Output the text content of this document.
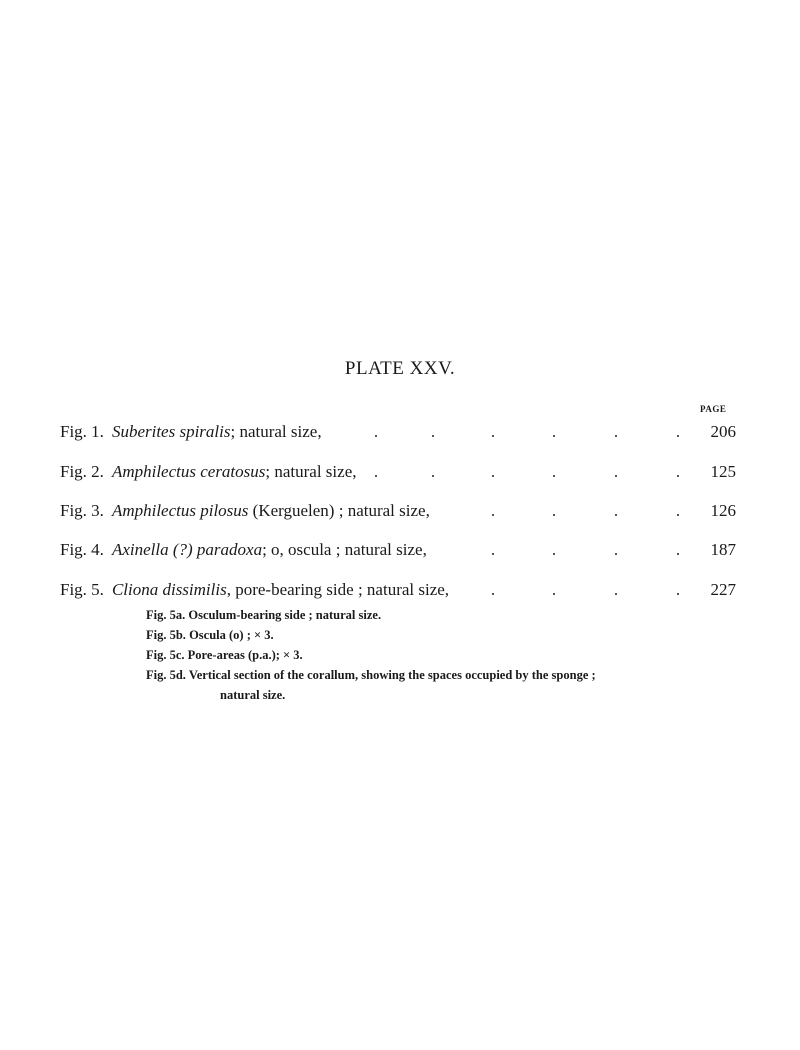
PLATE XXV.
PAGE
Fig. 1. Suberites spiralis ; natural size,	206
Fig. 2. Amphilectus ceratosus ; natural size,	125
Fig. 3. Amphilectus pilosus (Kerguelen) ; natural size,	126
Fig. 4. Axinella (?) paradoxa ; o, oscula ; natural size,	187
Fig. 5. Cliona dissimilis , pore-bearing side ; natural size,	227
Fig. 5a. Osculum-bearing side ; natural size.
Fig. 5b. Oscula (o) ; × 3.
Fig. 5c. Pore-areas (p.a.); × 3.
Fig. 5d. Vertical section of the corallum, showing the spaces occupied by the sponge ;
natural size.
